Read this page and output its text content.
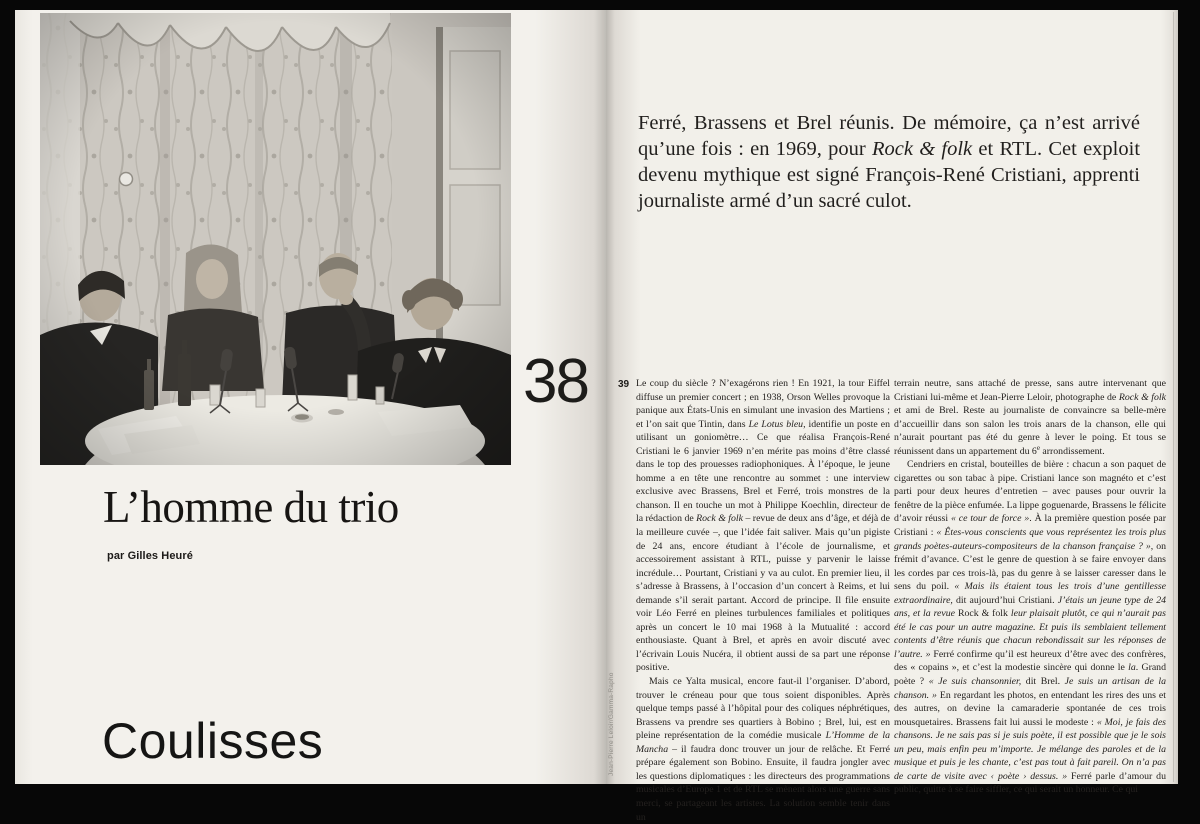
38
L’homme du trio
par Gilles Heuré
Coulisses
Ferré, Brassens et Brel réunis. De mémoire, ça n’est arrivé qu’une fois : en 1969, pour Rock & folk et RTL. Cet exploit devenu mythique est signé François-René Cristiani, apprenti journaliste armé d’un sacré culot.
39 Le coup du siècle ? N’exagérons rien ! En 1921, la tour Eiffel diffuse un premier concert ; en 1938, Orson Welles provoque la panique aux États-Unis en simulant une invasion des Martiens ; et l’on sait que Tintin, dans Le Lotus bleu, identifie un poste en utilisant un goniomètre… Ce que réalisa François-René Cristiani le 6 janvier 1969 n’en mérite pas moins d’être classé dans le top des prouesses radiophoniques. À l’époque, le jeune homme a en tête une rencontre au sommet : une interview exclusive avec Brassens, Brel et Ferré, trois monstres de la chanson. Il en touche un mot à Philippe Koechlin, directeur de la rédaction de Rock & folk – revue de deux ans d’âge, et déjà de la meilleure cuvée –, que l’idée fait saliver. Mais qu’un pigiste de 24 ans, encore étudiant à l’école de journalisme, et accessoirement assistant à RTL, puisse y parvenir le laisse incrédule… Pourtant, Cristiani y va au culot. En premier lieu, il s’adresse à Brassens, à l’occasion d’un concert à Reims, et lui demande s’il serait partant. Accord de principe. Il file ensuite voir Léo Ferré en pleines turbulences familiales et politiques après un concert le 10 mai 1968 à la Mutualité : accord enthousiaste. Quant à Brel, et après en avoir discuté avec l’écrivain Louis Nucéra, il obtient aussi de sa part une réponse positive.

Mais ce Yalta musical, encore faut-il l’organiser. D’abord, trouver le créneau pour que tous soient disponibles. Après quelque temps passé à l’hôpital pour des coliques néphrétiques, Brassens va prendre ses quartiers à Bobino ; Brel, lui, est en pleine représentation de la comédie musicale L’Homme de la Mancha – il faudra donc trouver un jour de relâche. Et Ferré prépare également son Bobino. Ensuite, il faudra jongler avec les questions diplomatiques : les directeurs des programmations musicales d’Europe 1 et de RTL se mènent alors une guerre sans merci, se partageant les artistes. La solution semble tenir dans un

terrain neutre, sans attaché de presse, sans autre intervenant que Cristiani lui-même et Jean-Pierre Leloir, photographe de Rock & folk et ami de Brel. Reste au journaliste de convaincre sa belle-mère d’accueillir dans son salon les trois anars de la chanson, elle qui n’aurait pourtant pas été du genre à lever le poing. Et tous se réunissent dans un appartement du 6e arrondissement.

Cendriers en cristal, bouteilles de bière : chacun a son paquet de cigarettes ou son tabac à pipe. Cristiani lance son magnéto et c’est parti pour deux heures d’entretien – avec pauses pour ouvrir la fenêtre de la pièce enfumée. La lippe goguenarde, Brassens le félicite d’avoir réussi « ce tour de force ». À la première question posée par Cristiani : « Êtes-vous conscients que vous représentez les trois plus grands poètes-auteurs-compositeurs de la chanson française ? », on frémit d’avance. C’est le genre de question à se faire envoyer dans les cordes par ces trois-là, pas du genre à se laisser caresser dans le sens du poil. « Mais ils étaient tous les trois d’une gentillesse extraordinaire, dit aujourd’hui Cristiani. J’étais un jeune type de 24 ans, et la revue Rock & folk leur plaisait plutôt, ce qui n’aurait pas été le cas pour un autre magazine. Et puis ils semblaient tellement contents d’être réunis que chacun rebondissait sur les réponses de l’autre. » Ferré confirme qu’il est heureux d’être avec des confrères, des « copains », et c’est la modestie sincère qui donne le la. Grand poète ? « Je suis chansonnier, dit Brel. Je suis un artisan de la chanson. » En regardant les photos, en entendant les rires des uns et des autres, on devine la camaraderie spontanée de ces trois mousquetaires. Brassens fait lui aussi le modeste : « Moi, je fais des chansons. Je ne sais pas si je suis poète, il est possible que je le sois un peu, mais enfin peu m’importe. Je mélange des paroles et de la musique et puis je les chante, c’est pas tout à fait pareil. On n’a pas de carte de visite avec ‹ poète › dessus. » Ferré parle d’amour du public, quitte à se faire siffler, ce qui serait un honneur. Ce qui

Jean-Pierre Leloir/Gamma-Rapho
